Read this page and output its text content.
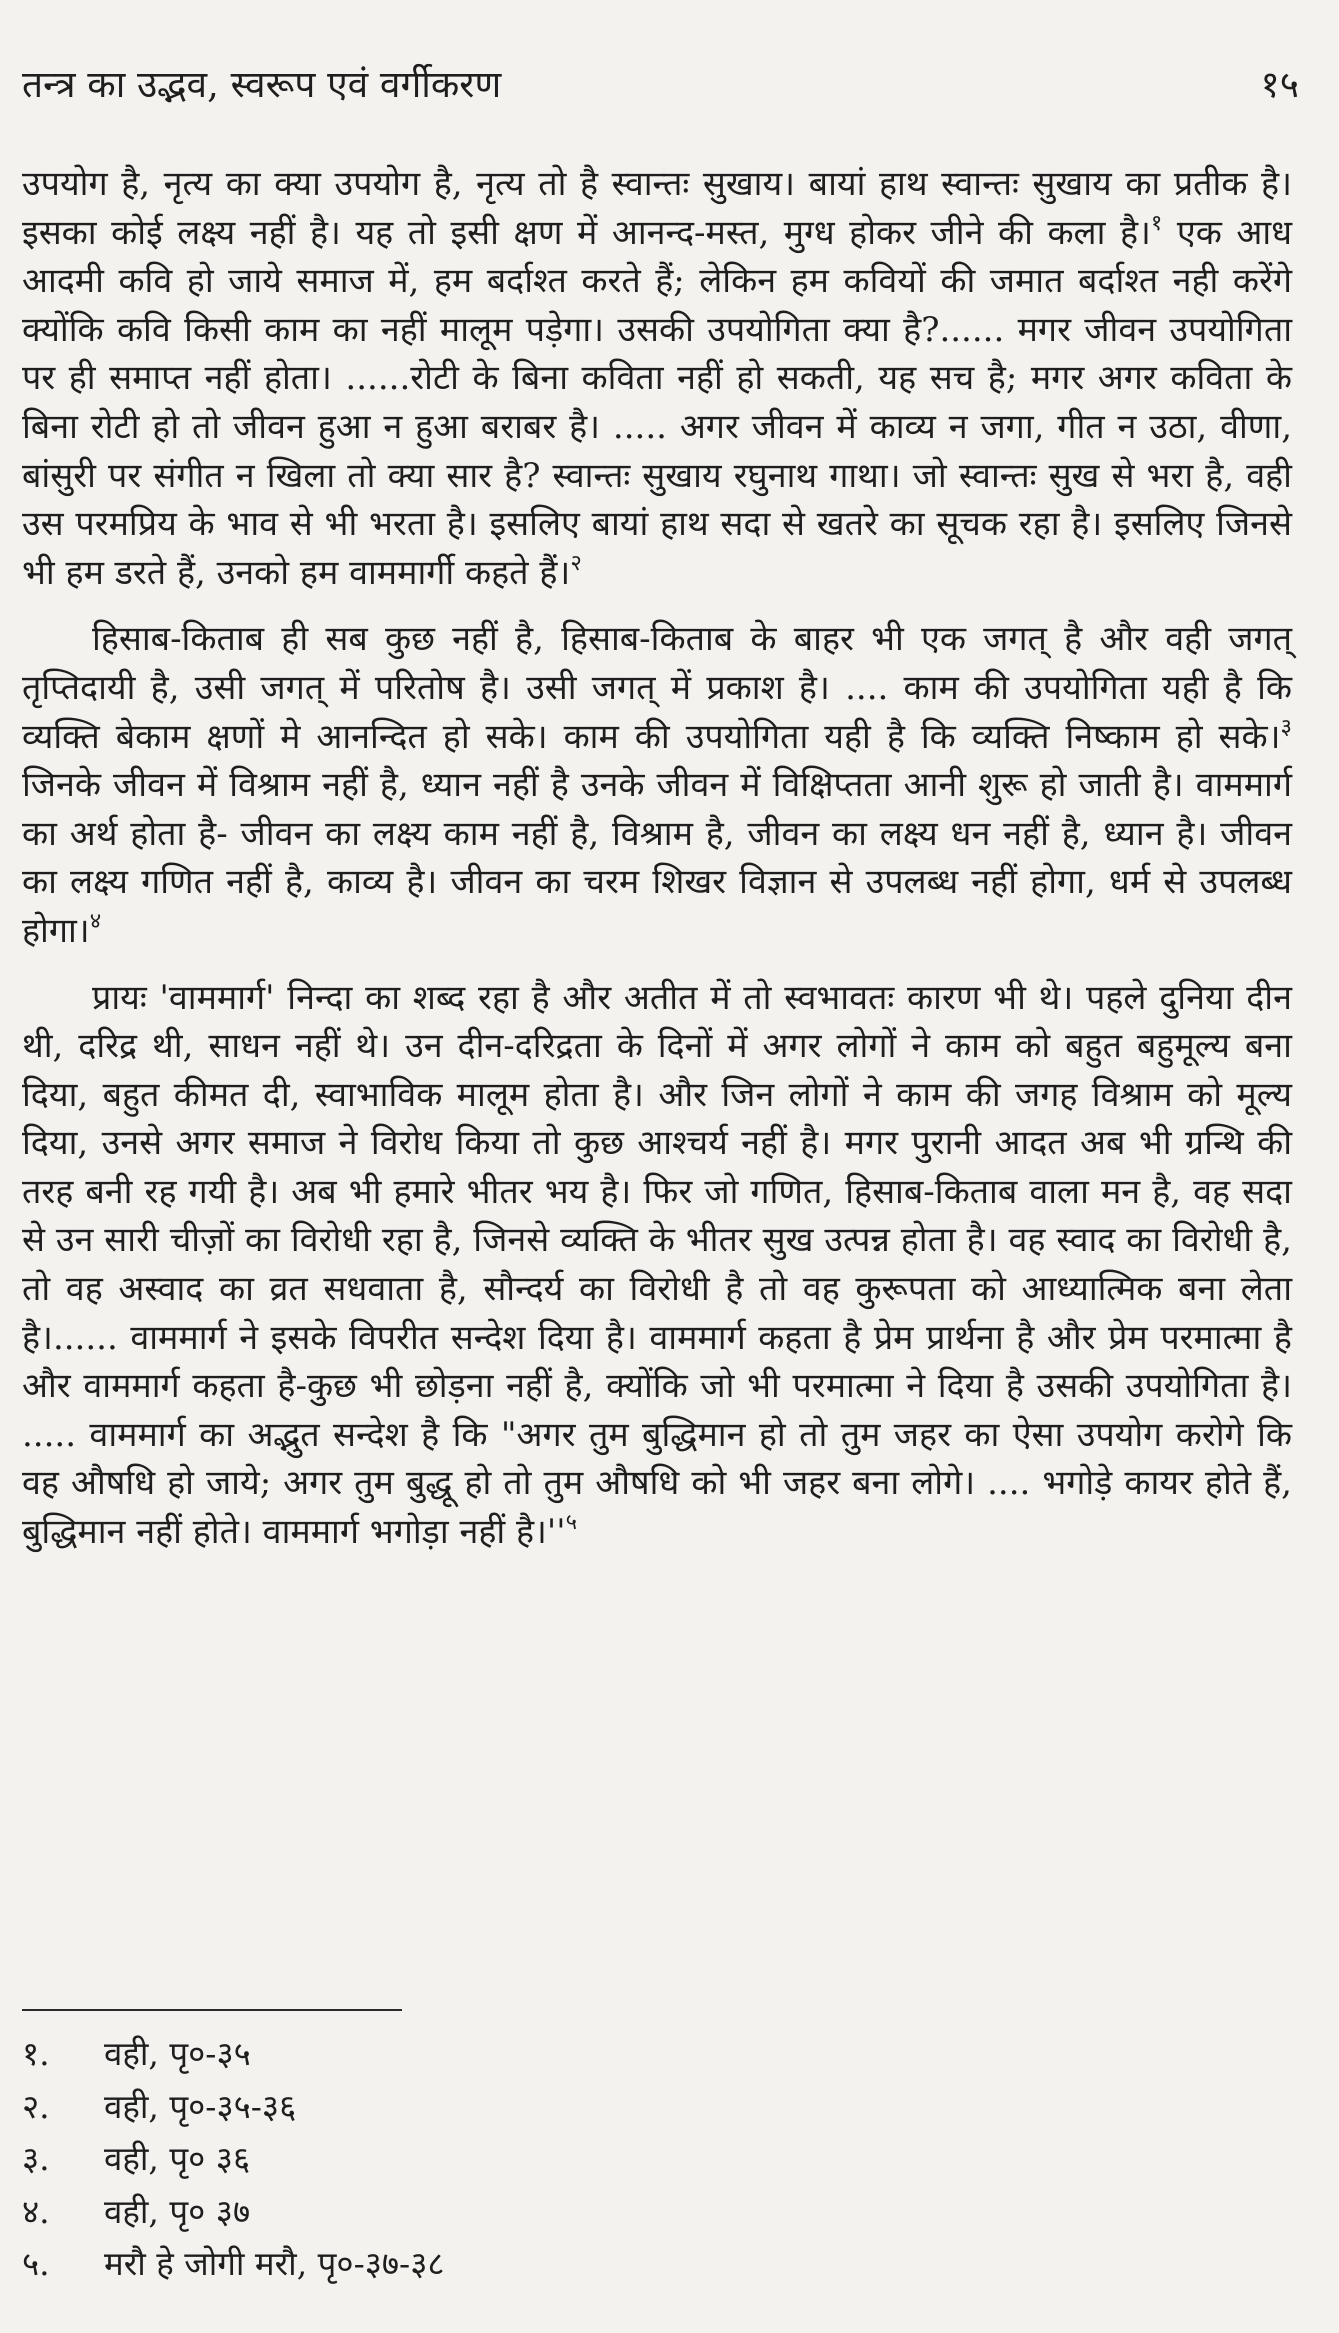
तन्त्र का उद्भव, स्वरूप एवं वर्गीकरण	१५

उपयोग है, नृत्य का क्या उपयोग है, नृत्य तो है स्वान्तः सुखाय। बायां हाथ स्वान्तः सुखाय का प्रतीक है। इसका कोई लक्ष्य नहीं है। यह तो इसी क्षण में आनन्द-मस्त, मुग्ध होकर जीने की कला है।$^१$ एक आध आदमी कवि हो जाये समाज में, हम बर्दाश्त करते हैं; लेकिन हम कवियों की जमात बर्दाश्त नही करेंगे क्योंकि कवि किसी काम का नहीं मालूम पड़ेगा। उसकी उपयोगिता क्या है?...... मगर जीवन उपयोगिता पर ही समाप्त नहीं होता। ......रोटी के बिना कविता नहीं हो सकती, यह सच है; मगर अगर कविता के बिना रोटी हो तो जीवन हुआ न हुआ बराबर है। ..... अगर जीवन में काव्य न जगा, गीत न उठा, वीणा, बांसुरी पर संगीत न खिला तो क्या सार है? स्वान्तः सुखाय रघुनाथ गाथा। जो स्वान्तः सुख से भरा है, वही उस परमप्रिय के भाव से भी भरता है। इसलिए बायां हाथ सदा से खतरे का सूचक रहा है। इसलिए जिनसे भी हम डरते हैं, उनको हम वाममार्गी कहते हैं।$^२$

हिसाब-किताब ही सब कुछ नहीं है, हिसाब-किताब के बाहर भी एक जगत् है और वही जगत् तृप्तिदायी है, उसी जगत् में परितोष है। उसी जगत् में प्रकाश है। .... काम की उपयोगिता यही है कि व्यक्ति बेकाम क्षणों मे आनन्दित हो सके। काम की उपयोगिता यही है कि व्यक्ति निष्काम हो सके।$^३$ जिनके जीवन में विश्राम नहीं है, ध्यान नहीं है उनके जीवन में विक्षिप्तता आनी शुरू हो जाती है। वाममार्ग का अर्थ होता है- जीवन का लक्ष्य काम नहीं है, विश्राम है, जीवन का लक्ष्य धन नहीं है, ध्यान है। जीवन का लक्ष्य गणित नहीं है, काव्य है। जीवन का चरम शिखर विज्ञान से उपलब्ध नहीं होगा, धर्म से उपलब्ध होगा।$^४$

प्रायः 'वाममार्ग' निन्दा का शब्द रहा है और अतीत में तो स्वभावतः कारण भी थे। पहले दुनिया दीन थी, दरिद्र थी, साधन नहीं थे। उन दीन-दरिद्रता के दिनों में अगर लोगों ने काम को बहुत बहुमूल्य बना दिया, बहुत कीमत दी, स्वाभाविक मालूम होता है। और जिन लोगों ने काम की जगह विश्राम को मूल्य दिया, उनसे अगर समाज ने विरोध किया तो कुछ आश्चर्य नहीं है। मगर पुरानी आदत अब भी ग्रन्थि की तरह बनी रह गयी है। अब भी हमारे भीतर भय है। फिर जो गणित, हिसाब-किताब वाला मन है, वह सदा से उन सारी चीज़ों का विरोधी रहा है, जिनसे व्यक्ति के भीतर सुख उत्पन्न होता है। वह स्वाद का विरोधी है, तो वह अस्वाद का व्रत सधवाता है, सौन्दर्य का विरोधी है तो वह कुरूपता को आध्यात्मिक बना लेता है।...... वाममार्ग ने इसके विपरीत सन्देश दिया है। वाममार्ग कहता है प्रेम प्रार्थना है और प्रेम परमात्मा है और वाममार्ग कहता है-कुछ भी छोड़ना नहीं है, क्योंकि जो भी परमात्मा ने दिया है उसकी उपयोगिता है। ..... वाममार्ग का अद्भुत सन्देश है कि "अगर तुम बुद्धिमान हो तो तुम जहर का ऐसा उपयोग करोगे कि वह औषधि हो जाये; अगर तुम बुद्धू हो तो तुम औषधि को भी जहर बना लोगे। .... भगोड़े कायर होते हैं, बुद्धिमान नहीं होते। वाममार्ग भगोड़ा नहीं $है।''^५$

१. वही, पृ०-३५
२. वही, पृ०-३५-३६
३. वही, पृ० ३६
४. वही, पृ० ३७
५. मरौ हे जोगी मरौ, पृ०-३७-३८
